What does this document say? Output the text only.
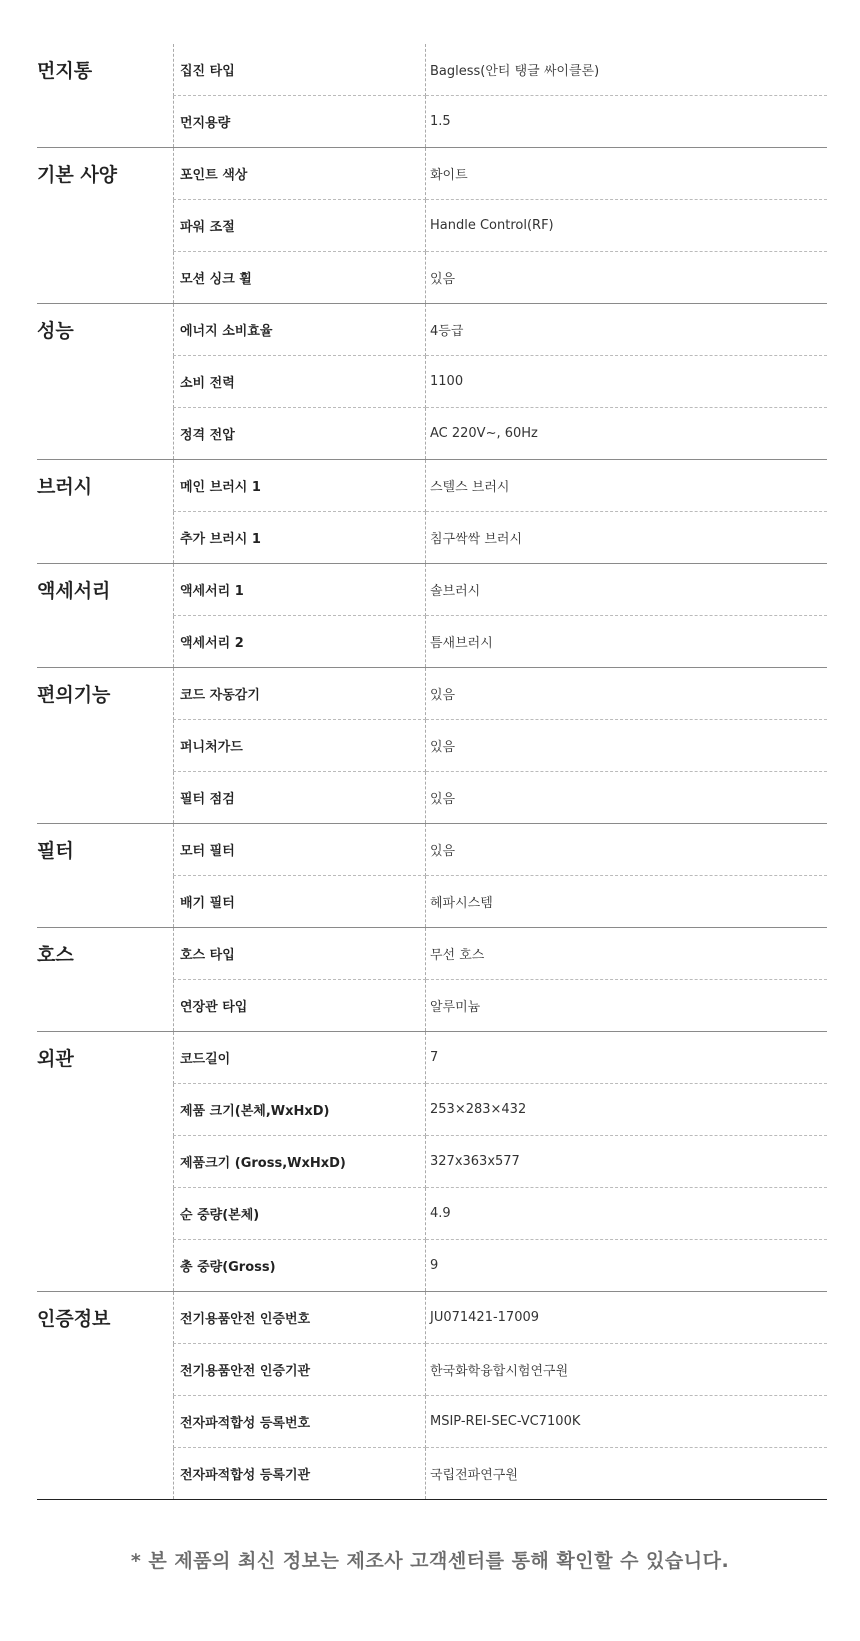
먼지통	집진 타입	Bagless(안티 탱글 싸이클론)
	먼지용량	1.5
기본 사양	포인트 색상	화이트
	파워 조절	Handle Control(RF)
	모션 싱크 휠	있음
성능	에너지 소비효율	4등급
	소비 전력	1100
	정격 전압	AC 220V~, 60Hz
브러시	메인 브러시 1	스텔스 브러시
	추가 브러시 1	침구싹싹 브러시
액세서리	액세서리 1	솔브러시
	액세서리 2	틈새브러시
편의기능	코드 자동감기	있음
	퍼니처가드	있음
	필터 점검	있음
필터	모터 필터	있음
	배기 필터	헤파시스템
호스	호스 타입	무선 호스
	연장관 타입	알루미늄
외관	코드길이	7
	제품 크기(본체,WxHxD)	253×283×432
	제품크기 (Gross,WxHxD)	327x363x577
	순 중량(본체)	4.9
	총 중량(Gross)	9
인증정보	전기용품안전 인증번호	JU071421-17009
	전기용품안전 인증기관	한국화학융합시험연구원
	전자파적합성 등록번호	MSIP-REI-SEC-VC7100K
	전자파적합성 등록기관	국립전파연구원
* 본 제품의 최신 정보는 제조사 고객센터를 통해 확인할 수 있습니다.
